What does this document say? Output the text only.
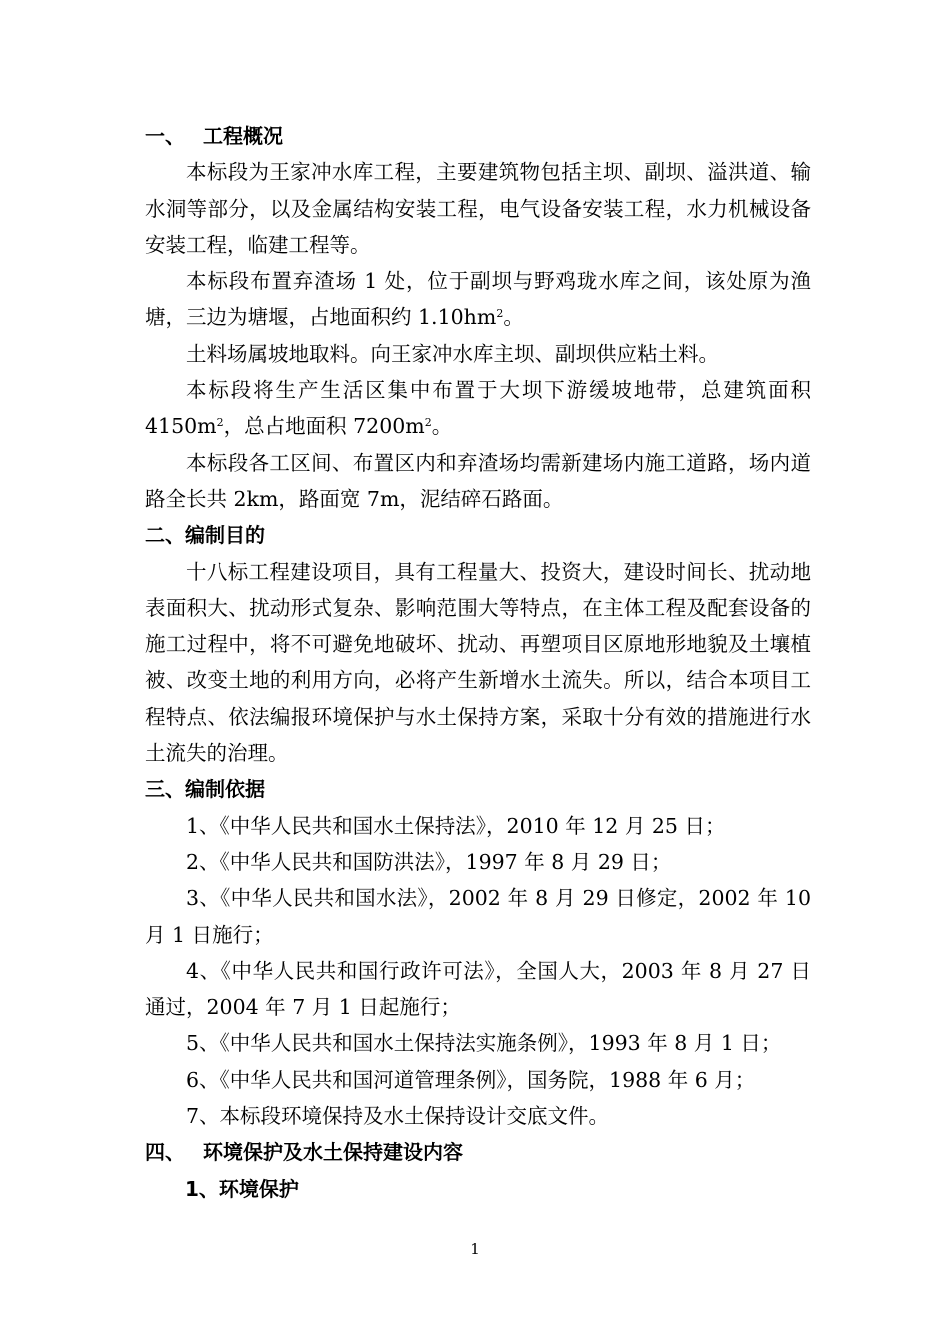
一、 工程概况

本标段为王家冲水库工程，主要建筑物包括主坝、副坝、溢洪道、输水洞等部分，以及金属结构安装工程，电气设备安装工程，水力机械设备安装工程，临建工程等。

本标段布置弃渣场 1 处，位于副坝与野鸡珑水库之间，该处原为渔塘，三边为塘堰，占地面积约 $1.10hm^2$。

土料场属坡地取料。向王家冲水库主坝、副坝供应粘土料。

本标段将生产生活区集中布置于大坝下游缓坡地带，总建筑面积 $4150m^2$，总占地面积 $7200m^2$。

本标段各工区间、布置区内和弃渣场均需新建场内施工道路，场内道路全长共 2km，路面宽 7m，泥结碎石路面。

二、编制目的

十八标工程建设项目，具有工程量大、投资大，建设时间长、扰动地表面积大、扰动形式复杂、影响范围大等特点，在主体工程及配套设备的施工过程中，将不可避免地破坏、扰动、再塑项目区原地形地貌及土壤植被、改变土地的利用方向，必将产生新增水土流失。所以，结合本项目工程特点、依法编报环境保护与水土保持方案，采取十分有效的措施进行水土流失的治理。

三、编制依据

1、《中华人民共和国水土保持法》，2010 年 12 月 25 日；

2、《中华人民共和国防洪法》，1997 年 8 月 29 日；

3、《中华人民共和国水法》，2002 年 8 月 29 日修定，2002 年 10 月 1 日施行；

4、《中华人民共和国行政许可法》，全国人大，2003 年 8 月 27 日通过，2004 年 7 月 1 日起施行；

5、《中华人民共和国水土保持法实施条例》，1993 年 8 月 1 日；

6、《中华人民共和国河道管理条例》，国务院，1988 年 6 月；

7、本标段环境保持及水土保持设计交底文件。

四、 环境保护及水土保持建设内容

1、环境保护

1
